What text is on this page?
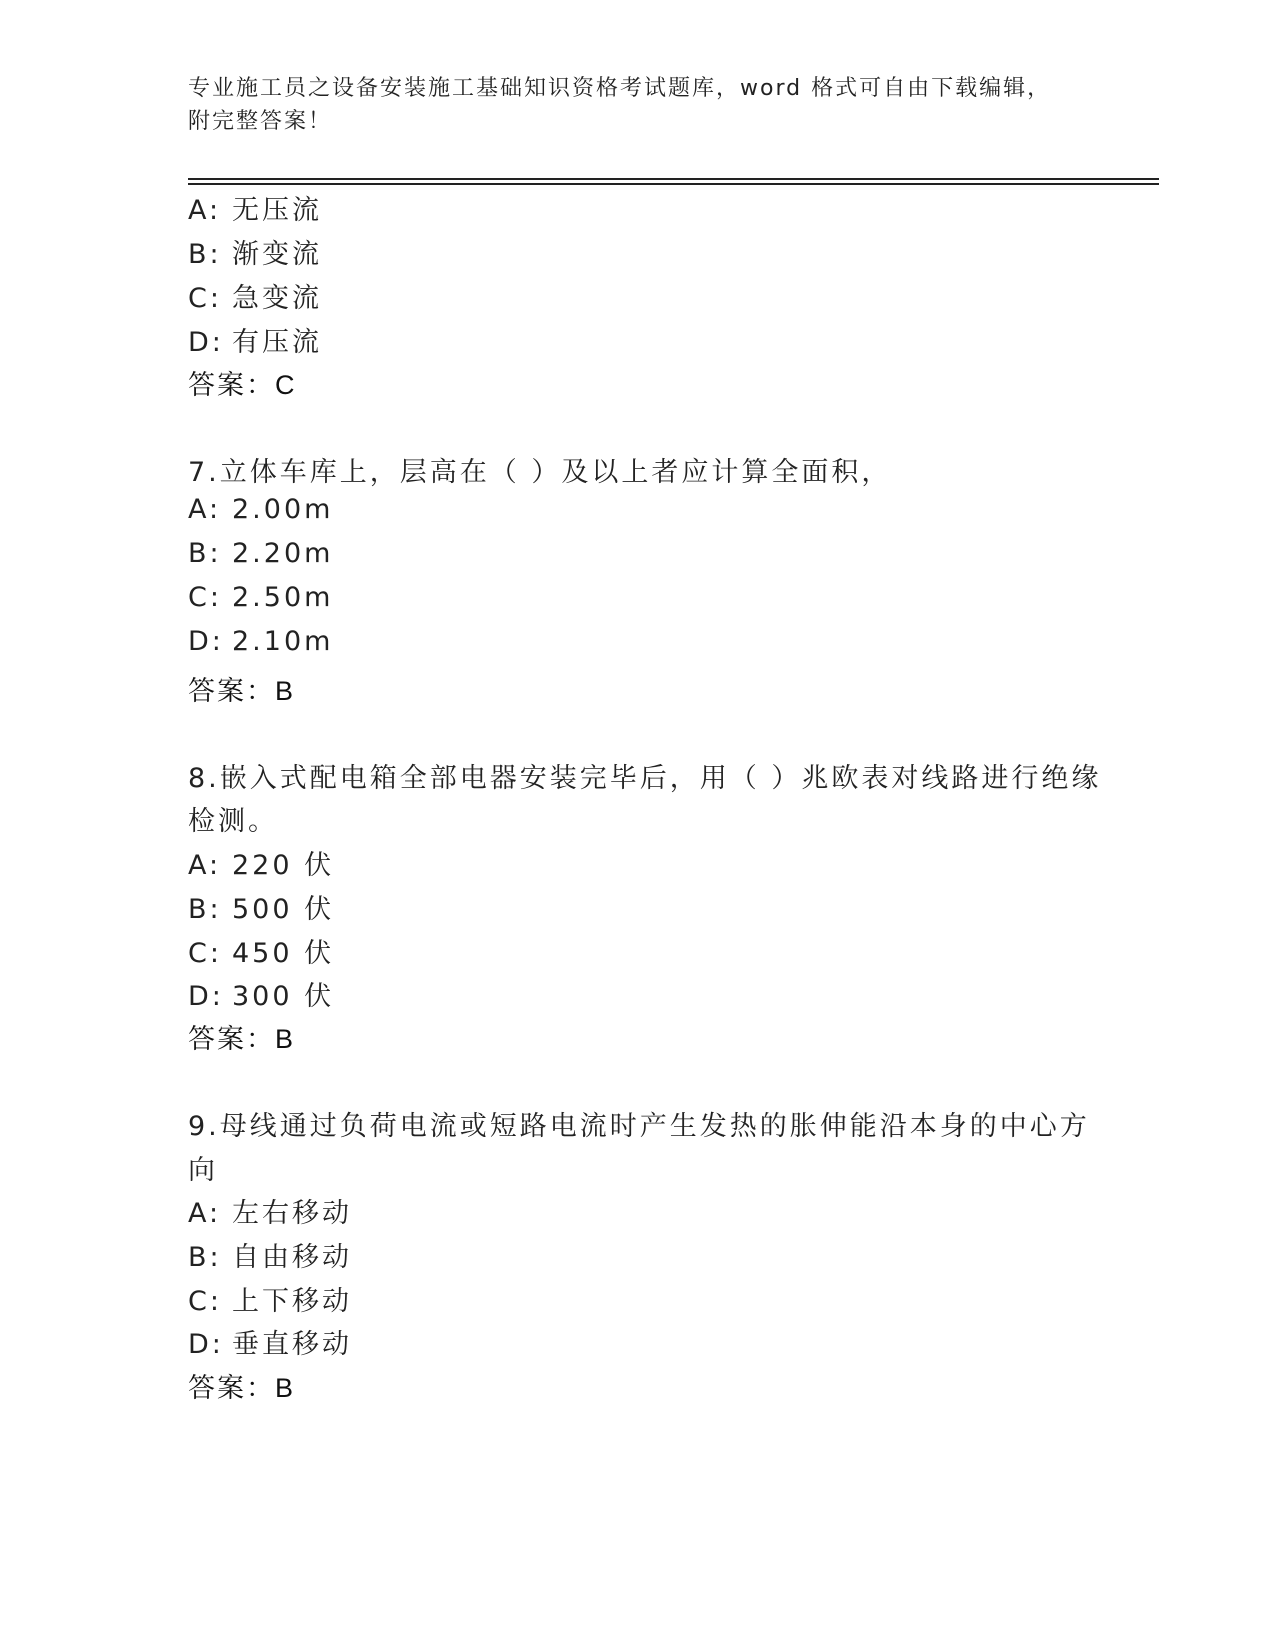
专业施工员之设备安装施工基础知识资格考试题库，word 格式可自由下载编辑，
附完整答案！
A: 无压流
B: 渐变流
C: 急变流
D: 有压流
答案：C
7.立体车库上，层高在（ ）及以上者应计算全面积，
A: 2.00m
B: 2.20m
C: 2.50m
D: 2.10m
答案：B
8.嵌入式配电箱全部电器安装完毕后，用（ ）兆欧表对线路进行绝缘
检测。
A: 220 伏
B: 500 伏
C: 450 伏
D: 300 伏
答案：B
9.母线通过负荷电流或短路电流时产生发热的胀伸能沿本身的中心方
向
A: 左右移动
B: 自由移动
C: 上下移动
D: 垂直移动
答案：B
